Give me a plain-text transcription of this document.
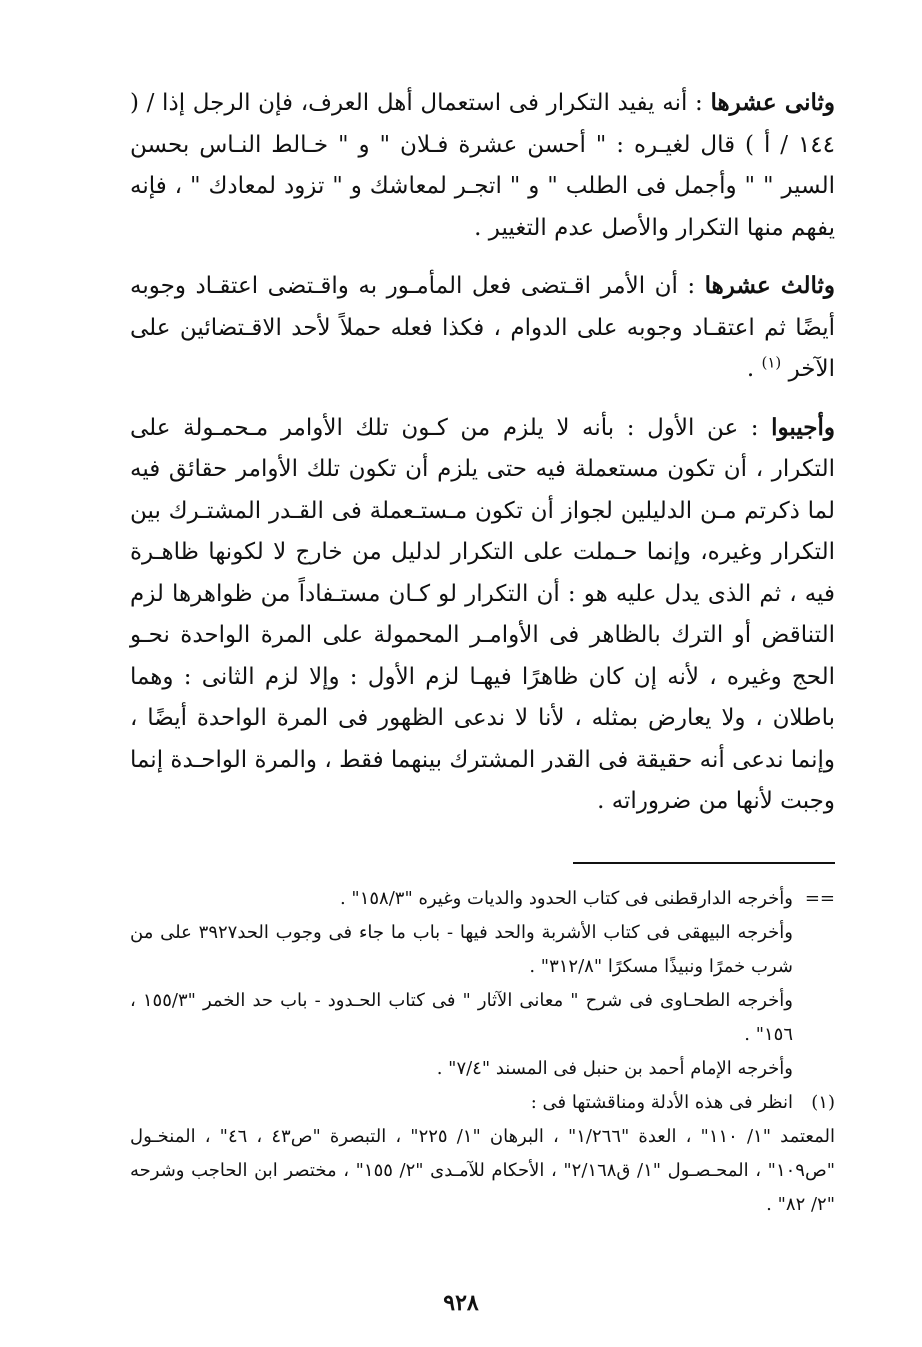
وثانى عشرها : أنه يفيد التكرار فى استعمال أهل العرف، فإن الرجل إذا / ( ١٤٤ / أ ) قال لغيـره : " أحسن عشرة فـلان " و " خـالط النـاس بحسن السير " " وأجمل فى الطلب " و " اتجـر لمعاشك و " تزود لمعادك " ، فإنه يفهم منها التكرار والأصل عدم التغيير .

وثالث عشرها : أن الأمر اقـتضى فعل المأمـور به واقـتضى اعتقـاد وجوبه أيضًا ثم اعتقـاد وجوبه على الدوام ، فكذا فعله حملاً لأحد الاقـتضائين على الآخر $^{(١)}$ .

وأجيبوا : عن الأول : بأنه لا يلزم من كـون تلك الأوامر مـحمـولة على التكرار ، أن تكون مستعملة فيه حتى يلزم أن تكون تلك الأوامر حقائق فيه لما ذكرتم مـن الدليلين لجواز أن تكون مـستـعملة فى القـدر المشتـرك بين التكرار وغيره، وإنما حـملت على التكرار لدليل من خارج لا لكونها ظاهـرة فيه ، ثم الذى يدل عليه هو : أن التكرار لو كـان مستـفاداً من ظواهرها لزم التناقض أو الترك بالظاهر فى الأوامـر المحمولة على المرة الواحدة نحـو الحج وغيره ، لأنه إن كان ظاهرًا فيهـا لزم الأول : وإلا لزم الثانى : وهما باطلان ، ولا يعارض بمثله ، لأنا لا ندعى الظهور فى المرة الواحدة أيضًا ، وإنما ندعى أنه حقيقة فى القدر المشترك بينهما فقط ، والمرة الواحـدة إنما وجبت لأنها من ضروراته .

==
وأخرجه الدارقطنى فى كتاب الحدود والديات وغيره "١٥٨/٣" .
وأخرجه البيهقى فى كتاب الأشربة والحد فيها - باب ما جاء فى وجوب الحد٣٩٢٧ على من شرب خمرًا ونبيذًا مسكرًا "٣١٢/٨" .
وأخرجه الطحـاوى فى شرح " معانى الآثار " فى كتاب الحـدود - باب حد الخمر "١٥٥/٣ ، ١٥٦" .
وأخرجه الإمام أحمد بن حنبل فى المسند "٧/٤" .
(١)
انظر فى هذه الأدلة ومناقشتها فى :
المعتمد "١/ ١١٠" ، العدة "١/٢٦٦" ، البرهان "١/ ٢٢٥" ، التبصرة "ص٤٣ ، ٤٦" ، المنخـول "ص١٠٩" ، المحـصـول "١/ ق٢/١٦٨" ، الأحكام للآمـدى "٢/ ١٥٥" ، مختصر ابن الحاجب وشرحه "٢/ ٨٢" .
٩٢٨
